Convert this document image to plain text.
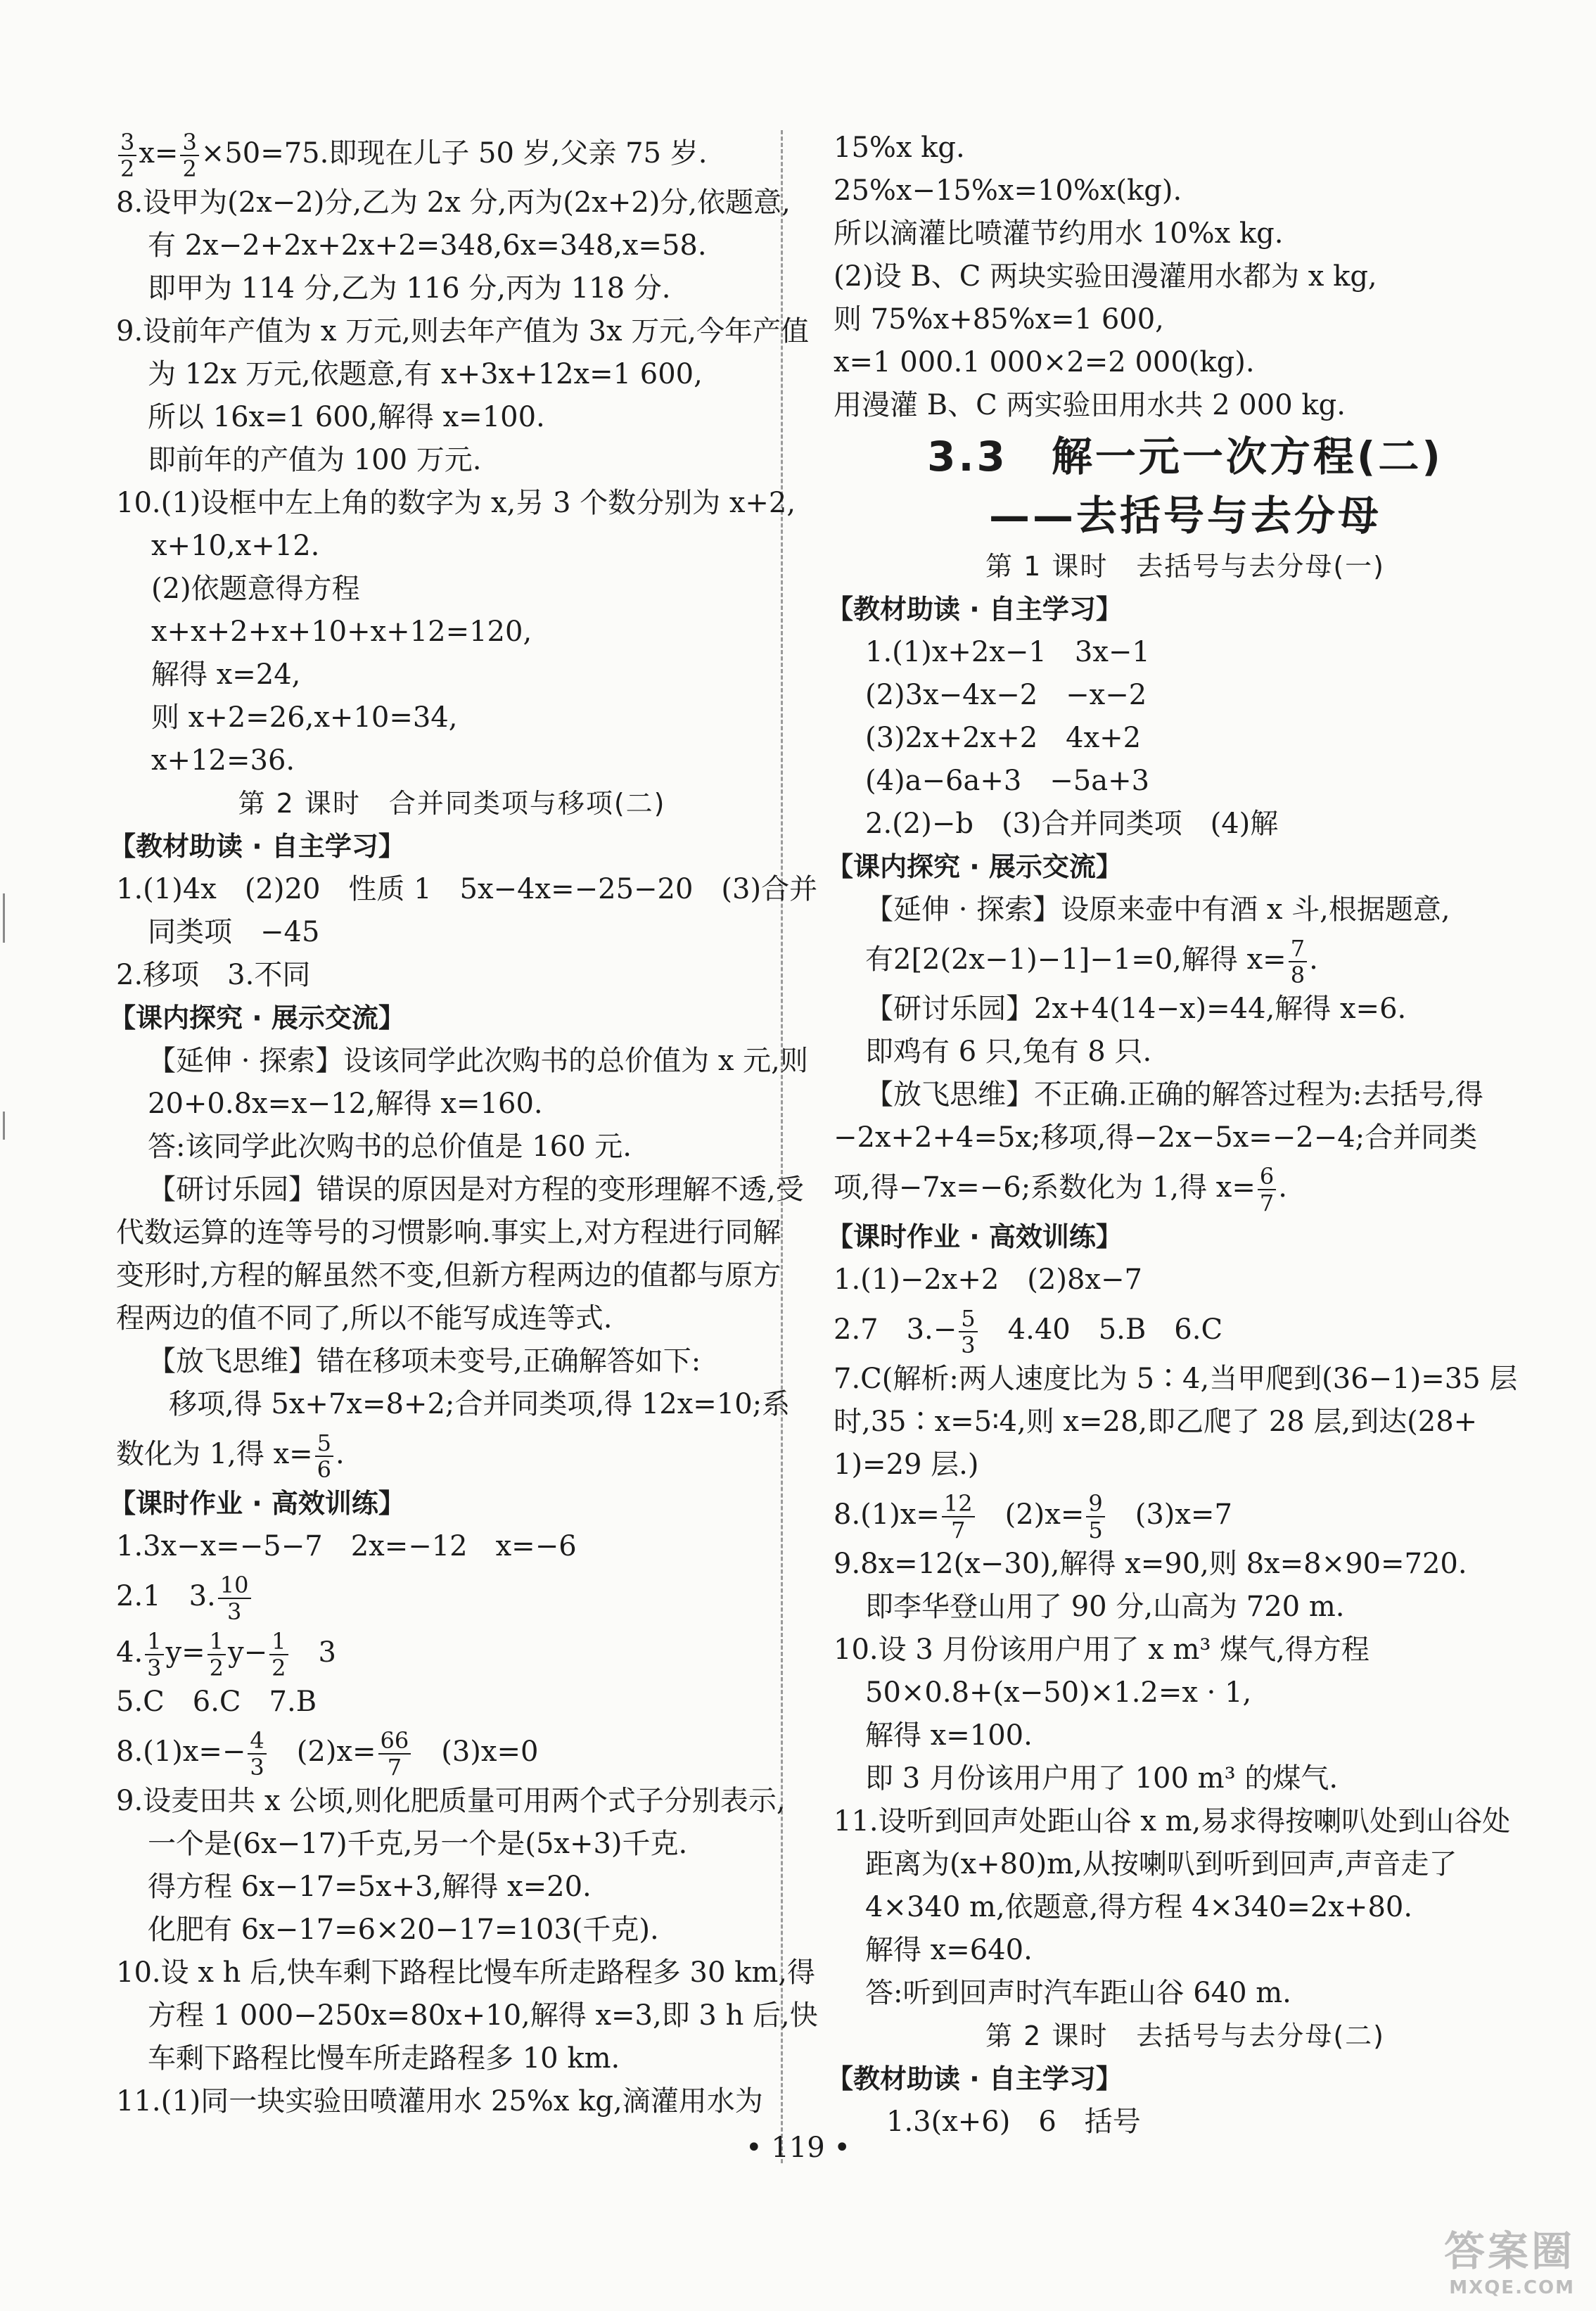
$\frac{3}{2} x= \frac{3}{2} \times 50=75$.即现在儿子 50 岁,父亲 75 岁.
8.设甲为(2x−2)分,乙为 2x 分,丙为(2x+2)分,依题意,
有 2x−2+2x+2x+2=348,6x=348,x=58.
即甲为 114 分,乙为 116 分,丙为 118 分.
9.设前年产值为 x 万元,则去年产值为 3x 万元,今年产值
为 12x 万元,依题意,有 x+3x+12x=1 600,
所以 16x=1 600,解得 x=100.
即前年的产值为 100 万元.
10.(1)设框中左上角的数字为 x,另 3 个数分别为 x+2,
x+10,x+12.
(2)依题意得方程
x+x+2+x+10+x+12=120,
解得 x=24,
则 x+2=26,x+10=34,
x+12=36.
第 2 课时　合并同类项与移项(二)
【教材助读 · 自主学习】
1.(1)4x　(2)20　性质 1　5x−4x=−25−20　(3)合并
同类项　−45
2.移项　3.不同
【课内探究 · 展示交流】
【延伸 · 探索】设该同学此次购书的总价值为 x 元,则
20+0.8x=x−12,解得 x=160.
答:该同学此次购书的总价值是 160 元.
【研讨乐园】错误的原因是对方程的变形理解不透,受
代数运算的连等号的习惯影响.事实上,对方程进行同解
变形时,方程的解虽然不变,但新方程两边的值都与原方
程两边的值不同了,所以不能写成连等式.
【放飞思维】错在移项未变号,正确解答如下:
移项,得 5x+7x=8+2;合并同类项,得 12x=10;系
数化为 1,得 $x= \frac{5}{6}$ .
【课时作业 · 高效训练】
1.3x−x=−5−7　2x=−12　x=−6
2.1　3. $\frac{10}{3}$
4. $\frac{1}{3} y= \frac{1}{2} y- \frac{1}{2}$ 　3
5.C　6.C　7.B
$8.(1)x=- \frac{4}{3}$ 　$(2)x= \frac{66}{7}$ 　(3)x=0
9.设麦田共 x 公顷,则化肥质量可用两个式子分别表示,
一个是(6x−17)千克,另一个是(5x+3)千克.
得方程 6x−17=5x+3,解得 x=20.
化肥有 6x−17=6×20−17=103(千克).
10.设 x h 后,快车剩下路程比慢车所走路程多 30 km,得
方程 1 000−250x=80x+10,解得 x=3,即 3 h 后,快
车剩下路程比慢车所走路程多 10 km.
11.(1)同一块实验田喷灌用水 25%x kg,滴灌用水为
15%x kg.
25%x−15%x=10%x(kg).
所以滴灌比喷灌节约用水 10%x kg.
(2)设 B、C 两块实验田漫灌用水都为 x kg,
则 75%x+85%x=1 600,
x=1 000.1 000×2=2 000(kg).
用漫灌 B、C 两实验田用水共 2 000 kg.
3.3　解一元一次方程(二)
——去括号与去分母
第 1 课时　去括号与去分母(一)
【教材助读 · 自主学习】
1.(1)x+2x−1　3x−1
(2)3x−4x−2　−x−2
(3)2x+2x+2　4x+2
(4)a−6a+3　−5a+3
2.(2)−b　(3)合并同类项　(4)解
【课内探究 · 展示交流】
【延伸 · 探索】设原来壶中有酒 x 斗,根据题意,
有2[2(2x−1)−1]−1=0,解得 $x= \frac{7}{8}$ .
【研讨乐园】2x+4(14−x)=44,解得 x=6.
即鸡有 6 只,兔有 8 只.
【放飞思维】不正确.正确的解答过程为:去括号,得
−2x+2+4=5x;移项,得−2x−5x=−2−4;合并同类
项,得−7x=−6;系数化为 1,得 $x= \frac{6}{7}$ .
【课时作业 · 高效训练】
1.(1)−2x+2　(2)8x−7
2.7　$3.- \frac{5}{3}$ 　4.40　5.B　6.C
7.C(解析:两人速度比为 5∶4,当甲爬到(36−1)=35 层
时,35∶x=5∶4,则 x=28,即乙爬了 28 层,到达(28+
1)=29 层.)
$8.(1)x= \frac{12}{7}$ 　$(2)x= \frac{9}{5}$ 　(3)x=7
9.8x=12(x−30),解得 x=90,则 8x=8×90=720.
即李华登山用了 90 分,山高为 720 m.
10.设 3 月份该用户用了 x m³ 煤气,得方程
50×0.8+(x−50)×1.2=x · 1,
解得 x=100.
即 3 月份该用户用了 100 m³ 的煤气.
11.设听到回声处距山谷 x m,易求得按喇叭处到山谷处
距离为(x+80)m,从按喇叭到听到回声,声音走了
4×340 m,依题意,得方程 4×340=2x+80.
解得 x=640.
答:听到回声时汽车距山谷 640 m.
第 2 课时　去括号与去分母(二)
【教材助读 · 自主学习】
1.3(x+6)　6　括号
• 119 •
答案圈
MXQE.COM
